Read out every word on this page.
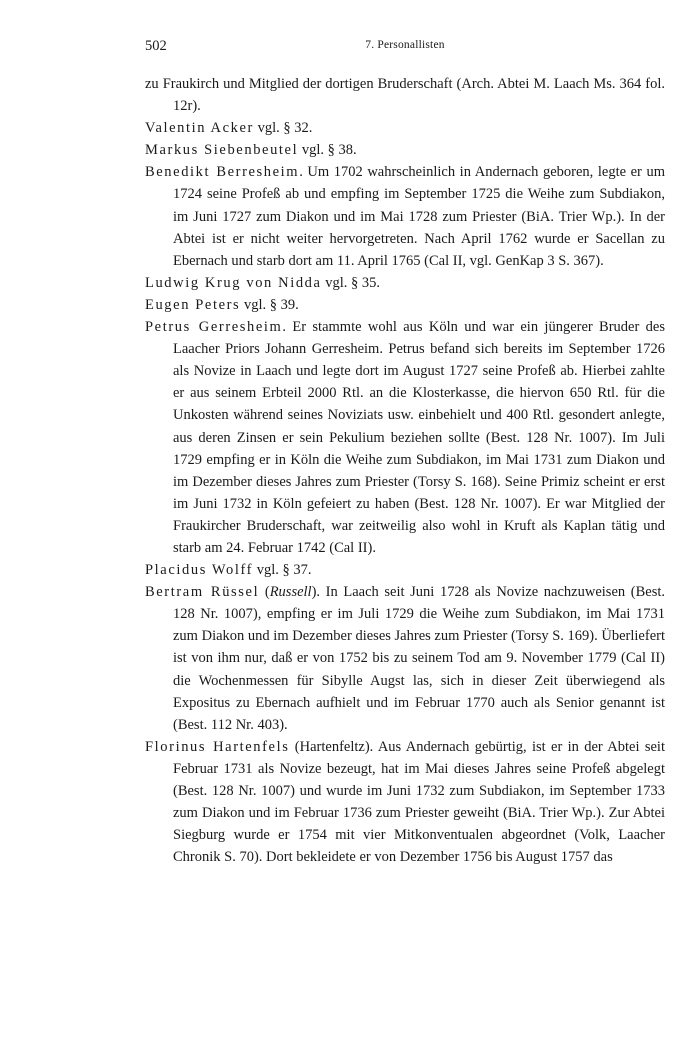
502	7. Personallisten

zu Fraukirch und Mitglied der dortigen Bruderschaft (Arch. Abtei M. Laach Ms. 364 fol. 12r).

Valentin Acker vgl. § 32.

Markus Siebenbeutel vgl. § 38.

Benedikt Berresheim. Um 1702 wahrscheinlich in Andernach geboren, legte er um 1724 seine Profeß ab und empfing im September 1725 die Weihe zum Subdiakon, im Juni 1727 zum Diakon und im Mai 1728 zum Priester (BiA. Trier Wp.). In der Abtei ist er nicht weiter hervorgetreten. Nach April 1762 wurde er Sacellan zu Ebernach und starb dort am 11. April 1765 (Cal II, vgl. GenKap 3 S. 367).

Ludwig Krug von Nidda vgl. § 35.

Eugen Peters vgl. § 39.

Petrus Gerresheim. Er stammte wohl aus Köln und war ein jüngerer Bruder des Laacher Priors Johann Gerresheim. Petrus befand sich bereits im September 1726 als Novize in Laach und legte dort im August 1727 seine Profeß ab. Hierbei zahlte er aus seinem Erbteil 2000 Rtl. an die Klosterkasse, die hiervon 650 Rtl. für die Unkosten während seines Noviziats usw. einbehielt und 400 Rtl. gesondert anlegte, aus deren Zinsen er sein Pekulium beziehen sollte (Best. 128 Nr. 1007). Im Juli 1729 empfing er in Köln die Weihe zum Subdiakon, im Mai 1731 zum Diakon und im Dezember dieses Jahres zum Priester (Torsy S. 168). Seine Primiz scheint er erst im Juni 1732 in Köln gefeiert zu haben (Best. 128 Nr. 1007). Er war Mitglied der Fraukircher Bruderschaft, war zeitweilig also wohl in Kruft als Kaplan tätig und starb am 24. Februar 1742 (Cal II).

Placidus Wolff vgl. § 37.

Bertram Rüssel (Russell). In Laach seit Juni 1728 als Novize nachzuweisen (Best. 128 Nr. 1007), empfing er im Juli 1729 die Weihe zum Subdiakon, im Mai 1731 zum Diakon und im Dezember dieses Jahres zum Priester (Torsy S. 169). Überliefert ist von ihm nur, daß er von 1752 bis zu seinem Tod am 9. November 1779 (Cal II) die Wochenmessen für Sibylle Augst las, sich in dieser Zeit überwiegend als Expositus zu Ebernach aufhielt und im Februar 1770 auch als Senior genannt ist (Best. 112 Nr. 403).

Florinus Hartenfels (Hartenfeltz). Aus Andernach gebürtig, ist er in der Abtei seit Februar 1731 als Novize bezeugt, hat im Mai dieses Jahres seine Profeß abgelegt (Best. 128 Nr. 1007) und wurde im Juni 1732 zum Subdiakon, im September 1733 zum Diakon und im Februar 1736 zum Priester geweiht (BiA. Trier Wp.). Zur Abtei Siegburg wurde er 1754 mit vier Mitkonventualen abgeordnet (Volk, Laacher Chronik S. 70). Dort bekleidete er von Dezember 1756 bis August 1757 das
